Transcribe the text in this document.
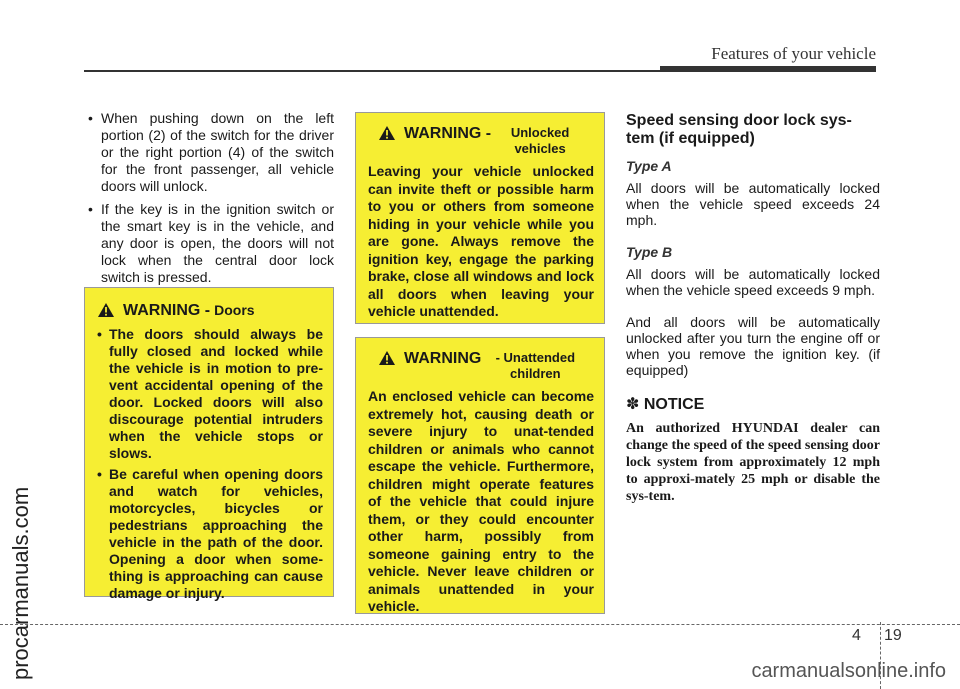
Features of your vehicle
procarmanuals.com
• When pushing down on the left portion (2) of the switch for the driver or the right portion (4) of the switch for the front passenger, all vehicle doors will unlock.
• If the key is in the ignition switch or the smart key is in the vehicle, and any door is open, the doors will not lock when the central door lock switch is pressed.
WARNING - Doors
• The doors should always be fully closed and locked while the vehicle is in motion to pre-vent accidental opening of the door. Locked doors will also discourage potential intruders when the vehicle stops or slows.
• Be careful when opening doors and watch for vehicles, motorcycles, bicycles or pedestrians approaching the vehicle in the path of the door. Opening a door when some-thing is approaching can cause damage or injury.
WARNING -	Unlocked vehicles
Leaving your vehicle unlocked can invite theft or possible harm to you or others from someone hiding in your vehicle while you are gone. Always remove the ignition key, engage the parking brake, close all windows and lock all doors when leaving your vehicle unattended.
WARNING	- Unattended children
An enclosed vehicle can become extremely hot, causing death or severe injury to unat-tended children or animals who cannot escape the vehicle. Furthermore, children might operate features of the vehicle that could injure them, or they could encounter other harm, possibly from someone gaining entry to the vehicle. Never leave children or animals unattended in your vehicle.
Speed sensing door lock sys-tem (if equipped)
Type A

All doors will be automatically locked when the vehicle speed exceeds 24 mph.

Type B

All doors will be automatically locked when the vehicle speed exceeds 9 mph.

And all doors will be automatically unlocked after you turn the engine off or when you remove the ignition key. (if equipped)

✽ NOTICE

An authorized HYUNDAI dealer can change the speed of the speed sensing door lock system from approximately 12 mph to approxi-mately 25 mph or disable the sys-tem.

4 19
carmanualsonline.info
